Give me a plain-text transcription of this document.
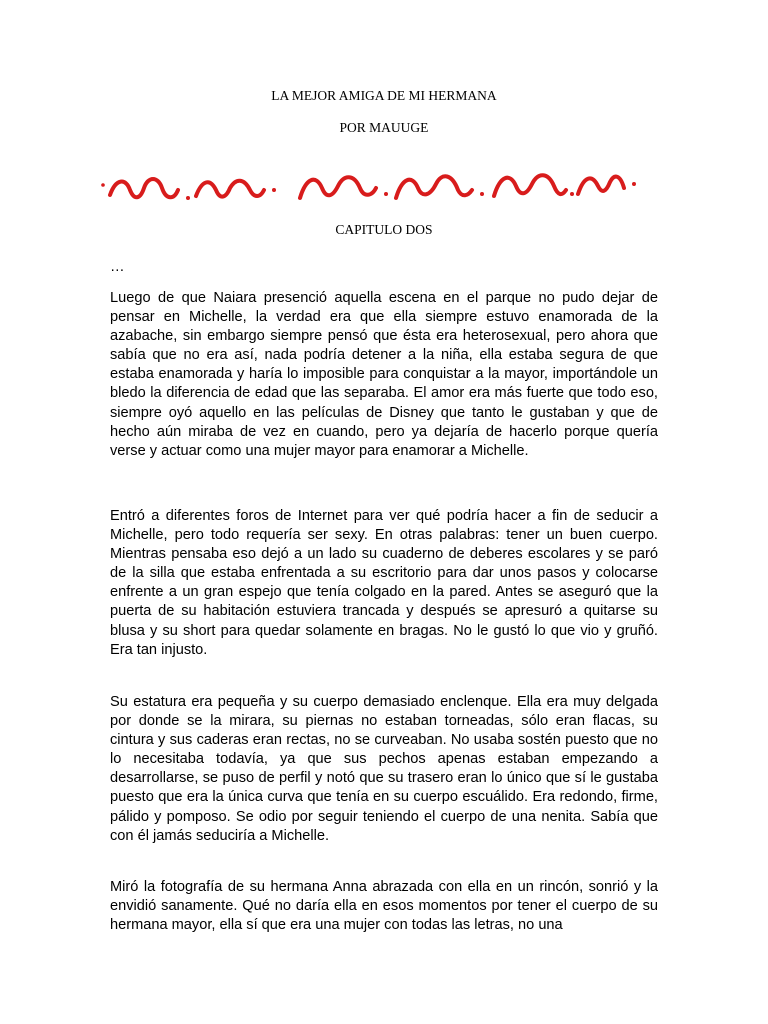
LA MEJOR AMIGA DE MI HERMANA

POR MAUUGE

CAPITULO DOS

…

Luego de que Naiara presenció aquella escena en el parque no pudo dejar de pensar en Michelle, la verdad era que ella siempre estuvo enamorada de la azabache, sin embargo siempre pensó que ésta era heterosexual, pero ahora que sabía que no era así, nada podría detener a la niña, ella estaba segura de que estaba enamorada y haría lo imposible para conquistar a la mayor, importándole un bledo la diferencia de edad que las separaba. El amor era más fuerte que todo eso, siempre oyó aquello en las películas de Disney que tanto le gustaban y que de hecho aún miraba de vez en cuando, pero ya dejaría de hacerlo porque quería verse y actuar como una mujer mayor para enamorar a Michelle.

Entró a diferentes foros de Internet para ver qué podría hacer a fin de seducir a Michelle, pero todo requería ser sexy. En otras palabras: tener un buen cuerpo. Mientras pensaba eso dejó a un lado su cuaderno de deberes escolares y se paró de la silla que estaba enfrentada a su escritorio para dar unos pasos y colocarse enfrente a un gran espejo que tenía colgado en la pared. Antes se aseguró que la puerta de su habitación estuviera trancada y después se apresuró a quitarse su blusa y su short para quedar solamente en bragas. No le gustó lo que vio y gruñó. Era tan injusto.

Su estatura era pequeña y su cuerpo demasiado enclenque. Ella era muy delgada por donde se la mirara, su piernas no estaban torneadas, sólo eran flacas, su cintura y sus caderas eran rectas, no se curveaban. No usaba sostén puesto que no lo necesitaba todavía, ya que sus pechos apenas estaban empezando a desarrollarse, se puso de perfil y notó que su trasero eran lo único que sí le gustaba puesto que era la única curva que tenía en su cuerpo escuálido. Era redondo, firme, pálido y pomposo. Se odio por seguir teniendo el cuerpo de una nenita. Sabía que con él jamás seduciría a Michelle.

Miró la fotografía de su hermana Anna abrazada con ella en un rincón, sonrió y la envidió sanamente. Qué no daría ella en esos momentos por tener el cuerpo de su hermana mayor, ella sí que era una mujer con todas las letras, no una
